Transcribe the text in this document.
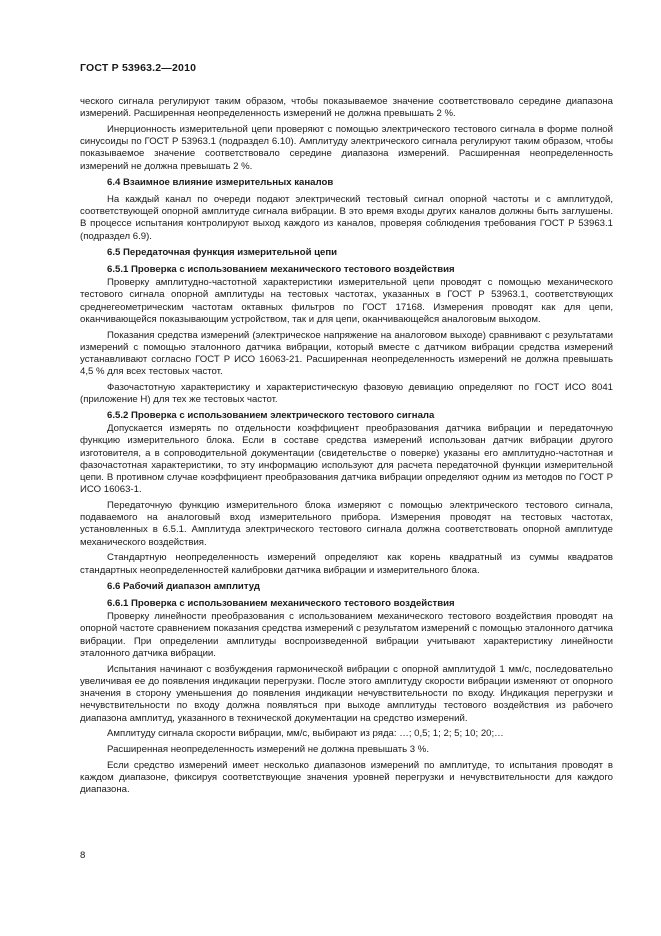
ГОСТ Р 53963.2—2010

ческого сигнала регулируют таким образом, чтобы показываемое значение соответствовало середине диапазона измерений. Расширенная неопределенность измерений не должна превышать 2 %.

Инерционность измерительной цепи проверяют с помощью электрического тестового сигнала в форме полной синусоиды по ГОСТ Р 53963.1 (подраздел 6.10). Амплитуду электрического сигнала регулируют таким образом, чтобы показываемое значение соответствовало середине диапазона измерений. Расширенная неопределенность измерений не должна превышать 2 %.

6.4 Взаимное влияние измерительных каналов

На каждый канал по очереди подают электрический тестовый сигнал опорной частоты и с амплитудой, соответствующей опорной амплитуде сигнала вибрации. В это время входы других каналов должны быть заглушены. В процессе испытания контролируют выход каждого из каналов, проверяя соблюдения требования ГОСТ Р 53963.1 (подраздел 6.9).

6.5 Передаточная функция измерительной цепи
6.5.1 Проверка с использованием механического тестового воздействия

Проверку амплитудно-частотной характеристики измерительной цепи проводят с помощью механического тестового сигнала опорной амплитуды на тестовых частотах, указанных в ГОСТ Р 53963.1, соответствующих среднегеометрическим частотам октавных фильтров по ГОСТ 17168. Измерения проводят как для цепи, оканчивающейся показывающим устройством, так и для цепи, оканчивающейся аналоговым выходом.

Показания средства измерений (электрическое напряжение на аналоговом выходе) сравнивают с результатами измерений с помощью эталонного датчика вибрации, который вместе с датчиком вибрации средства измерений устанавливают согласно ГОСТ Р ИСО 16063-21. Расширенная неопределенность измерений не должна превышать 4,5 % для всех тестовых частот.

Фазочастотную характеристику и характеристическую фазовую девиацию определяют по ГОСТ ИСО 8041 (приложение Н) для тех же тестовых частот.

6.5.2 Проверка с использованием электрического тестового сигнала

Допускается измерять по отдельности коэффициент преобразования датчика вибрации и передаточную функцию измерительного блока. Если в составе средства измерений использован датчик вибрации другого изготовителя, а в сопроводительной документации (свидетельстве о поверке) указаны его амплитудно-частотная и фазочастотная характеристики, то эту информацию используют для расчета передаточной функции измерительной цепи. В противном случае коэффициент преобразования датчика вибрации определяют одним из методов по ГОСТ Р ИСО 16063-1.

Передаточную функцию измерительного блока измеряют с помощью электрического тестового сигнала, подаваемого на аналоговый вход измерительного прибора. Измерения проводят на тестовых частотах, установленных в 6.5.1. Амплитуда электрического тестового сигнала должна соответствовать опорной амплитуде механического воздействия.

Стандартную неопределенность измерений определяют как корень квадратный из суммы квадратов стандартных неопределенностей калибровки датчика вибрации и измерительного блока.

6.6 Рабочий диапазон амплитуд
6.6.1 Проверка с использованием механического тестового воздействия

Проверку линейности преобразования с использованием механического тестового воздействия проводят на опорной частоте сравнением показания средства измерений с результатом измерений с помощью эталонного датчика вибрации. При определении амплитуды воспроизведенной вибрации учитывают характеристику линейности эталонного датчика вибрации.

Испытания начинают с возбуждения гармонической вибрации с опорной амплитудой 1 мм/с, последовательно увеличивая ее до появления индикации перегрузки. После этого амплитуду скорости вибрации изменяют от опорного значения в сторону уменьшения до появления индикации нечувствительности по входу. Индикация перегрузки и нечувствительности по входу должна появляться при выходе амплитуды тестового воздействия из рабочего диапазона амплитуд, указанного в технической документации на средство измерений.

Амплитуду сигнала скорости вибрации, мм/с, выбирают из ряда: …; 0,5; 1; 2; 5; 10; 20;…

Расширенная неопределенность измерений не должна превышать 3 %.

Если средство измерений имеет несколько диапазонов измерений по амплитуде, то испытания проводят в каждом диапазоне, фиксируя соответствующие значения уровней перегрузки и нечувствительности для каждого диапазона.

8
